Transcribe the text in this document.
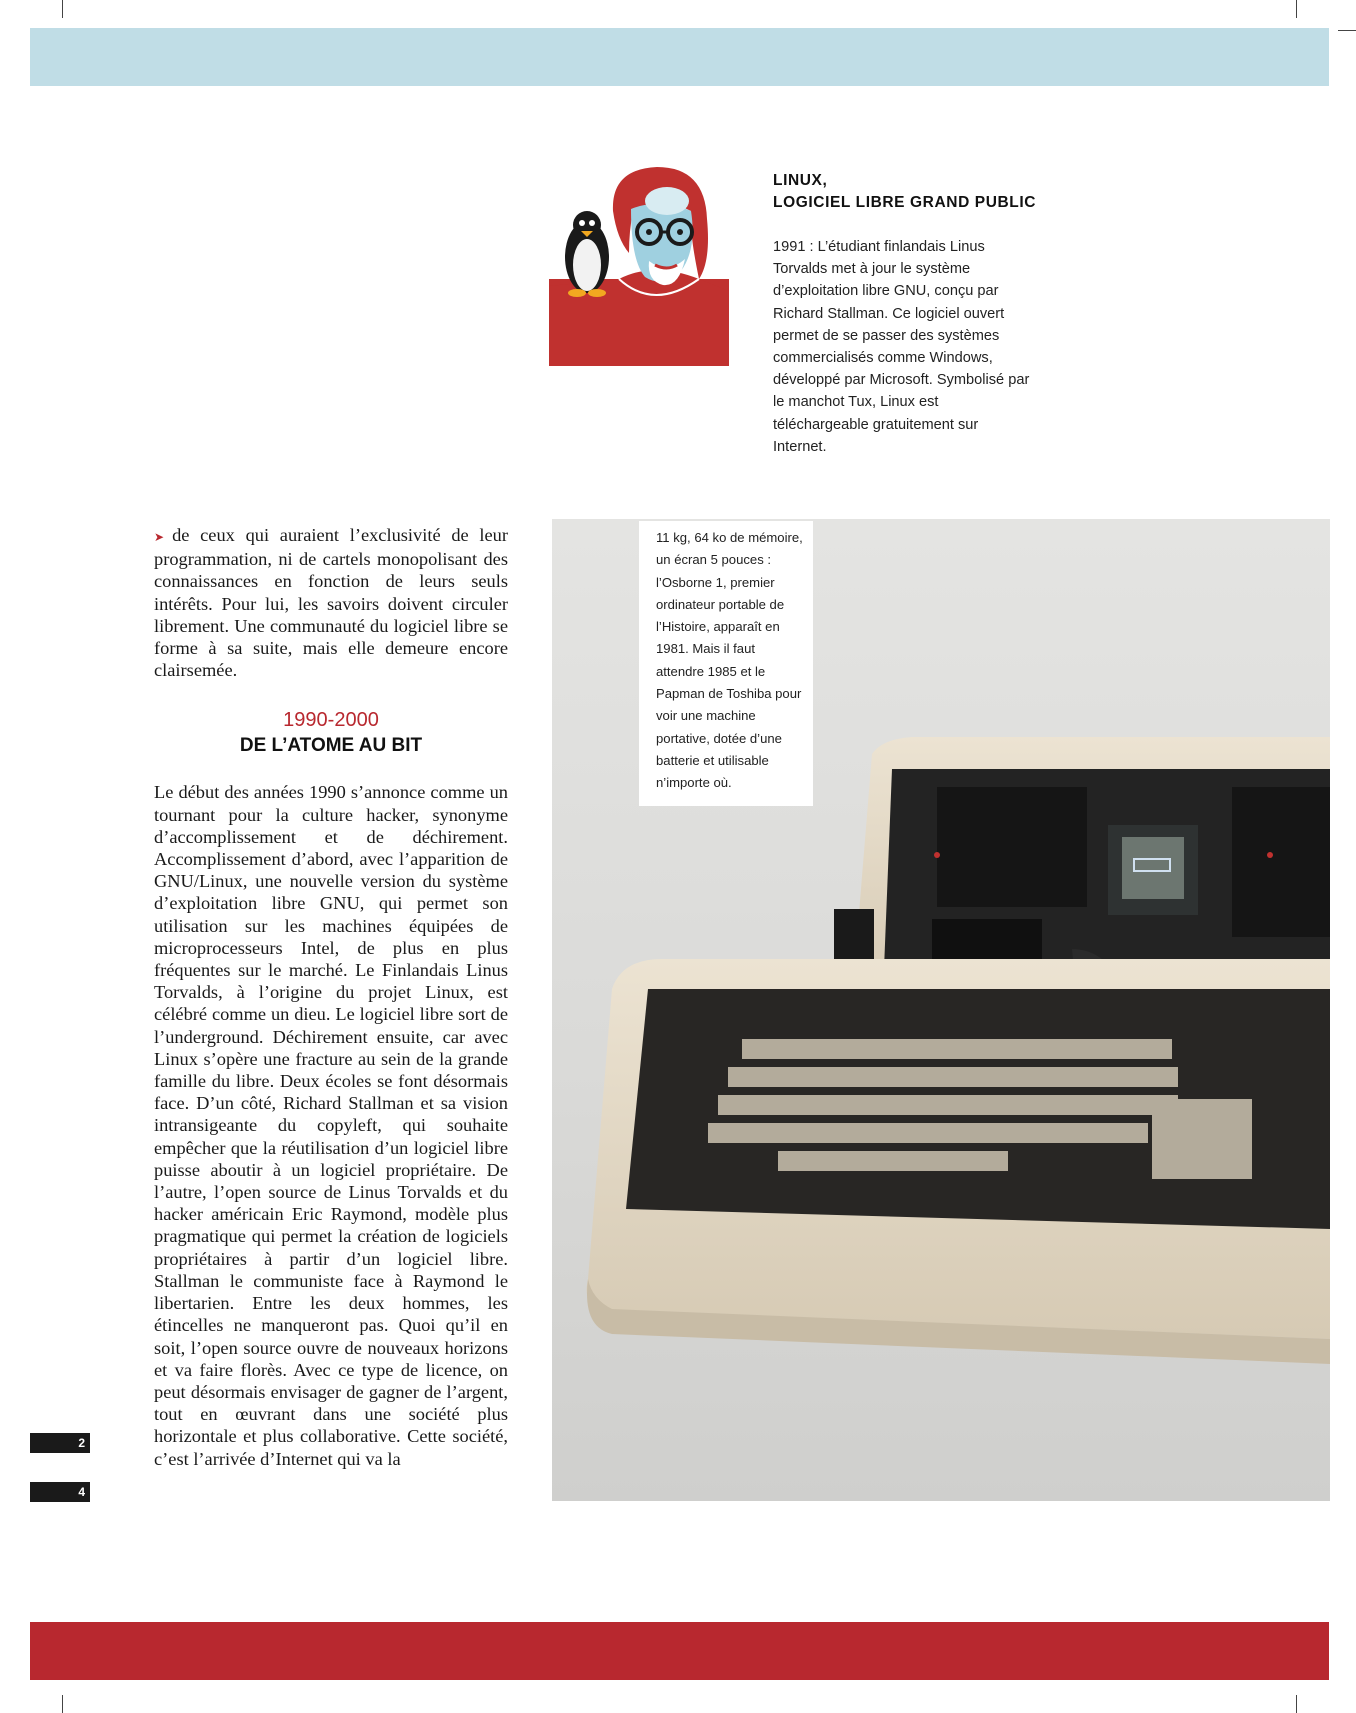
LINUX,
LOGICIEL LIBRE GRAND PUBLIC
1991 : L’étudiant finlandais Linus Torvalds met à jour le système d’exploitation libre GNU, conçu par Richard Stallman. Ce logiciel ouvert permet de se passer des systèmes commercialisés comme Windows, développé par Microsoft. Symbolisé par le manchot Tux, Linux est téléchargeable gratuitement sur Internet.

➤ de ceux qui auraient l’exclusivité de leur programmation, ni de cartels monopolisant des connaissances en fonction de leurs seuls intérêts. Pour lui, les savoirs doivent circuler librement. Une communauté du logiciel libre se forme à sa suite, mais elle demeure encore clairsemée.

1990-2000
DE L’ATOME AU BIT

Le début des années 1990 s’annonce comme un tournant pour la culture hacker, synonyme d’accomplissement et de déchirement. Accomplissement d’abord, avec l’apparition de GNU/Linux, une nouvelle version du système d’exploitation libre GNU, qui permet son utilisation sur les machines équipées de microprocesseurs Intel, de plus en plus fréquentes sur le marché. Le Finlandais Linus Torvalds, à l’origine du projet Linux, est célébré comme un dieu. Le logiciel libre sort de l’underground. Déchirement ensuite, car avec Linux s’opère une fracture au sein de la grande famille du libre. Deux écoles se font désormais face. D’un côté, Richard Stallman et sa vision intransigeante du copyleft, qui souhaite empêcher que la réutilisation d’un logiciel libre puisse aboutir à un logiciel propriétaire. De l’autre, l’open source de Linus Torvalds et du hacker américain Eric Raymond, modèle plus pragmatique qui permet la création de logiciels propriétaires à partir d’un logiciel libre. Stallman le communiste face à Raymond le libertarien. Entre les deux hommes, les étincelles ne manqueront pas. Quoi qu’il en soit, l’open source ouvre de nouveaux horizons et va faire florès. Avec ce type de licence, on peut désormais envisager de gagner de l’argent, tout en œuvrant dans une société plus horizontale et plus collaborative. Cette société, c’est l’arrivée d’Internet qui va la

11 kg, 64 ko de mémoire, un écran 5 pouces : l’Osborne 1, premier ordinateur portable de l’Histoire, apparaît en 1981. Mais il faut attendre 1985 et le Papman de Toshiba pour voir une machine portative, dotée d’une batterie et utilisable n’importe où.
2
4
